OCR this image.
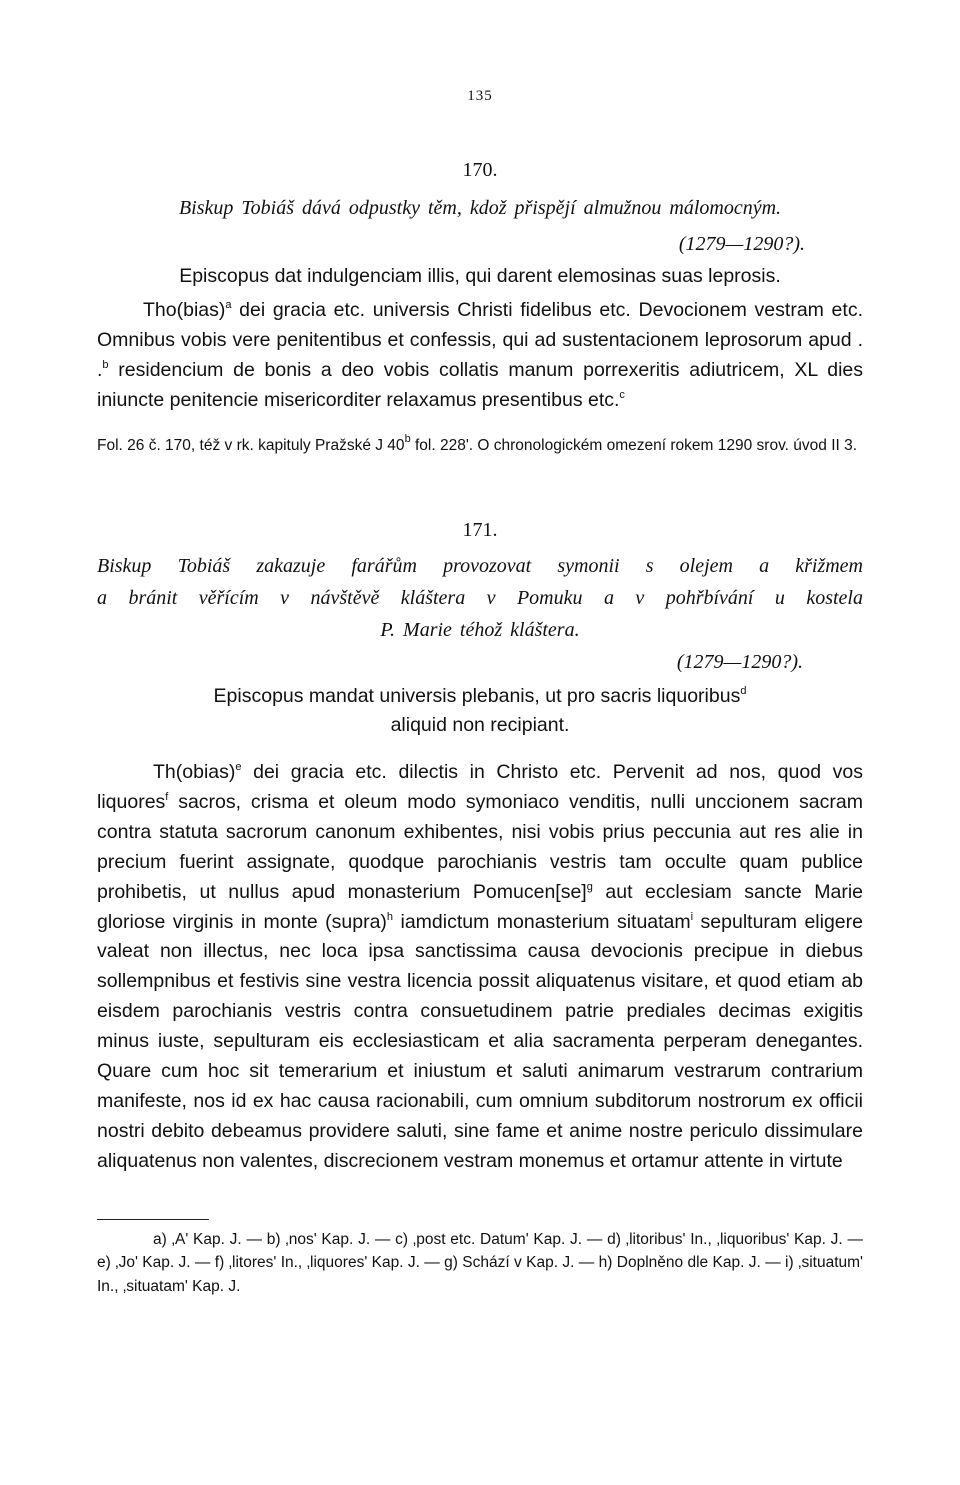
135

170.

Biskup Tobiáš dává odpustky těm, kdož přispějí almužnou málomocným.

(1279—1290?).

Episcopus dat indulgenciam illis, qui darent elemosinas suas leprosis.

Tho(bias)$^a$ dei gracia etc. universis Christi fidelibus etc. Devocionem vestram etc. Omnibus vobis vere penitentibus et confessis, qui ad sustentacionem leprosorum apud . .$^b$ residencium de bonis a deo vobis collatis manum porrexeritis adiutricem, XL dies iniuncte penitencie misericorditer relaxamus presentibus etc.$^c$

Fol. 26 č. 170, též v rk. kapituly Pražské J 40$^b$ fol. 228'. O chronologickém omezení rokem 1290 srov. úvod II 3.

171.

Biskup Tobiáš zakazuje farářům provozovat symonii s olejem a křižmem

a bránit věřícím v návštěvě kláštera v Pomuku a v pohřbívání u kostela

P. Marie téhož kláštera.

(1279—1290?).

Episcopus mandat universis plebanis, ut pro sacris liquoribus$^d$
aliquid non recipiant.

Th(obias)$^e$ dei gracia etc. dilectis in Christo etc. Pervenit ad nos, quod vos liquores$^f$ sacros, crisma et oleum modo symoniaco venditis, nulli unccionem sacram contra statuta sacrorum canonum exhibentes, nisi vobis prius peccunia aut res alie in precium fuerint assignate, quodque parochianis vestris tam occulte quam publice prohibetis, ut nullus apud monasterium Pomucen[se]$^g$ aut ecclesiam sancte Marie gloriose virginis in monte (supra)$^h$ iamdictum monasterium situatam$^i$ sepulturam eligere valeat non illectus, nec loca ipsa sanctissima causa devocionis precipue in diebus sollempnibus et festivis sine vestra licencia possit aliquatenus visitare, et quod etiam ab eisdem parochianis vestris contra consuetudinem patrie prediales decimas exigitis minus iuste, sepulturam eis ecclesiasticam et alia sacramenta perperam denegantes. Quare cum hoc sit temerarium et iniustum et saluti animarum vestrarum contrarium manifeste, nos id ex hac causa racionabili, cum omnium subditorum nostrorum ex officii nostri debito debeamus providere saluti, sine fame et anime nostre periculo dissimulare aliquatenus non valentes, discrecionem vestram monemus et ortamur attente in virtute

a) ‚A' Kap. J. — b) ‚nos' Kap. J. — c) ‚post etc. Datum' Kap. J. — d) ‚litoribus' In., ‚liquoribus' Kap. J. — e) ‚Jo' Kap. J. — f) ‚litores' In., ‚liquores' Kap. J. — g) Schází v Kap. J. — h) Doplněno dle Kap. J. — i) ‚situatum' In., ‚situatam' Kap. J.
